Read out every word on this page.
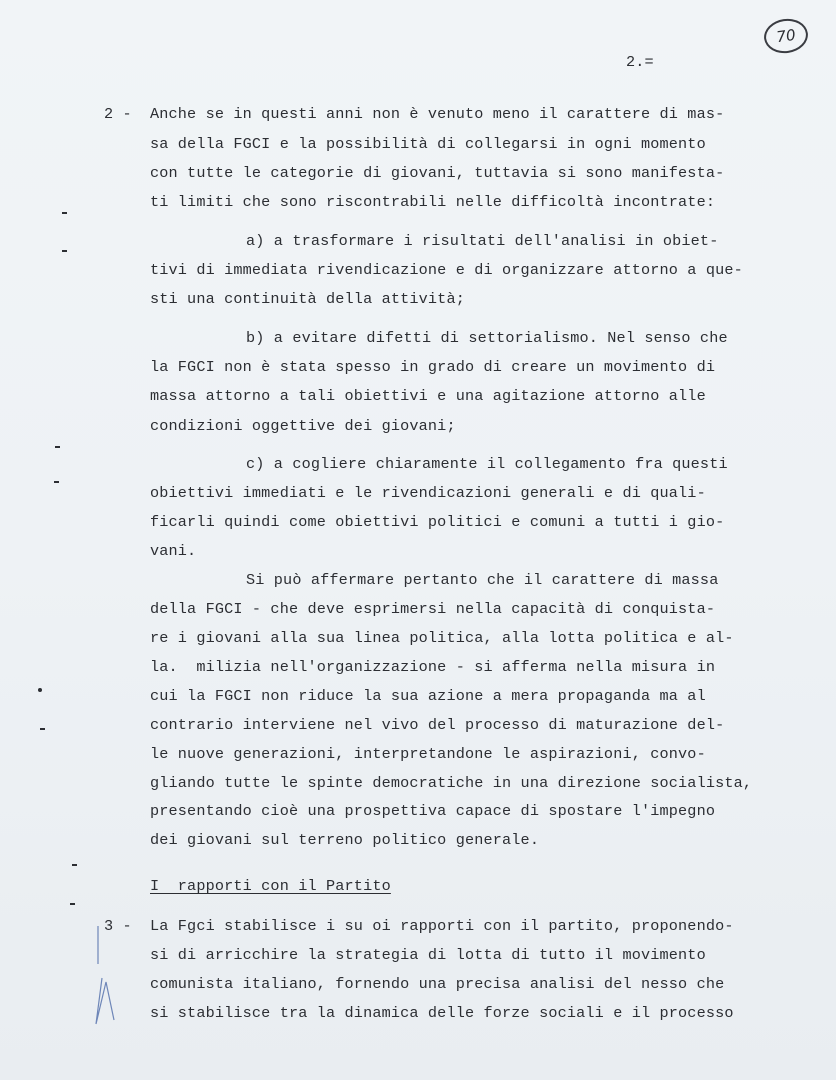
70
2.=
2 - Anche se in questi anni non è venuto meno il carattere di mas-
sa della FGCI e la possibilità di collegarsi in ogni momento
con tutte le categorie di giovani, tuttavia si sono manifesta-
ti limiti che sono riscontrabili nelle difficoltà incontrate:
a) a trasformare i risultati dell'analisi in obiet-
tivi di immediata rivendicazione e di organizzare attorno a que-
sti una continuità della attività;
b) a evitare difetti di settorialismo. Nel senso che
la FGCI non è stata spesso in grado di creare un movimento di
massa attorno a tali obiettivi e una agitazione attorno alle
condizioni oggettive dei giovani;
c) a cogliere chiaramente il collegamento fra questi
obiettivi immediati e le rivendicazioni generali e di quali-
ficarli quindi come obiettivi politici e comuni a tutti i gio-
vani.
Si può affermare pertanto che il carattere di massa
della FGCI - che deve esprimersi nella capacità di conquista-
re i giovani alla sua linea politica, alla lotta politica e al-
la.  milizia nell'organizzazione - si afferma nella misura in
cui la FGCI non riduce la sua azione a mera propaganda ma al
contrario interviene nel vivo del processo di maturazione del-
le nuove generazioni, interpretandone le aspirazioni, convo-
gliando tutte le spinte democratiche in una direzione socialista,
presentando cioè una prospettiva capace di spostare l'impegno
dei giovani sul terreno politico generale.
I  rapporti con il Partito
3 - La Fgci stabilisce i su oi rapporti con il partito, proponendo-
si di arricchire la strategia di lotta di tutto il movimento
comunista italiano, fornendo una precisa analisi del nesso che
si stabilisce tra la dinamica delle forze sociali e il processo
